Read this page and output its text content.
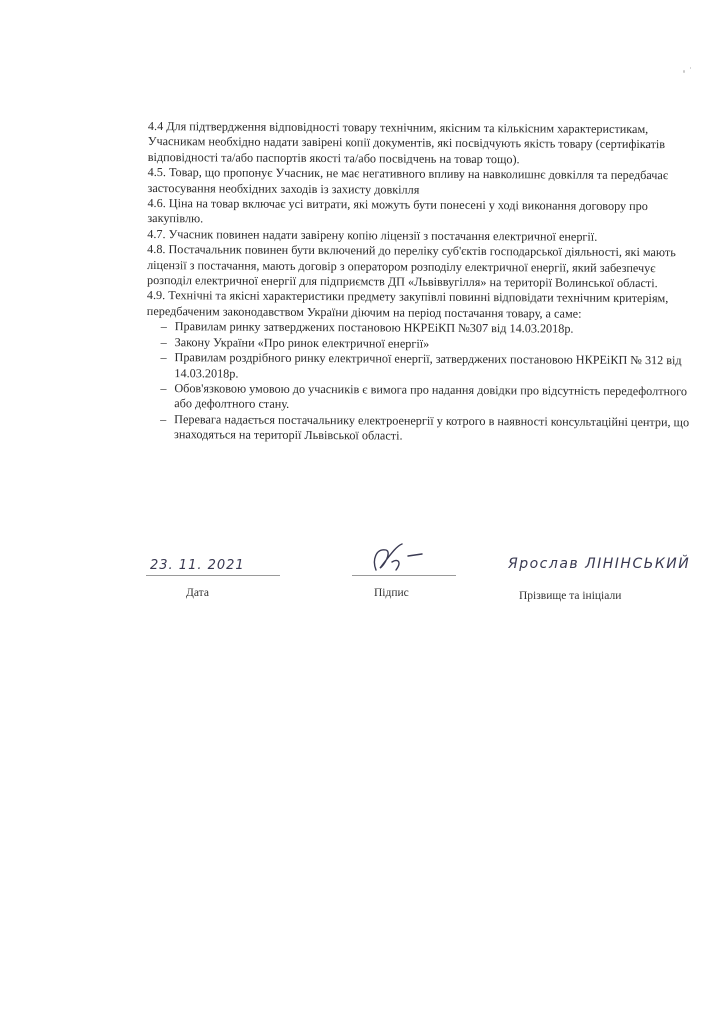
4.4 Для підтвердження відповідності товару технічним, якісним та кількісним характеристикам, Учасникам необхідно надати завірені копії документів, які посвідчують якість товару (сертифікатів відповідності та/або паспортів якості та/або посвідчень на товар тощо).

4.5. Товар, що пропонує Учасник, не має негативного впливу на навколишнє довкілля та передбачає застосування необхідних заходів із захисту довкілля

4.6. Ціна на товар включає усі витрати, які можуть бути понесені у ході виконання договору про закупівлю.

4.7. Учасник повинен надати завірену копію ліцензії з постачання електричної енергії.

4.8. Постачальник повинен бути включений до переліку суб'єктів господарської діяльності, які мають ліцензії з постачання, мають договір з оператором розподілу електричної енергії, який забезпечує розподіл електричної енергії для підприємств ДП «Львіввугілля» на території Волинської області.

4.9. Технічні та якісні характеристики предмету закупівлі повинні відповідати технічним критеріям, передбаченим законодавством України діючим на період постачання товару, а саме:

– Правилам ринку затверджених постановою НКРЕіКП №307 від 14.03.2018р.
– Закону України «Про ринок електричної енергії»
– Правилам роздрібного ринку електричної енергії, затверджених постановою НКРЕіКП № 312 від 14.03.2018р.
– Обов'язковою умовою до учасників є вимога про надання довідки про відсутність передефолтного або дефолтного стану.
– Перевага надається постачальнику електроенергії у котрого в наявності консультаційні центри, що знаходяться на території Львівської області.
23. 11. 2021
Дата	Підпис
Ярослав ЛІНІНСЬКИЙ
Прізвище та ініціали
